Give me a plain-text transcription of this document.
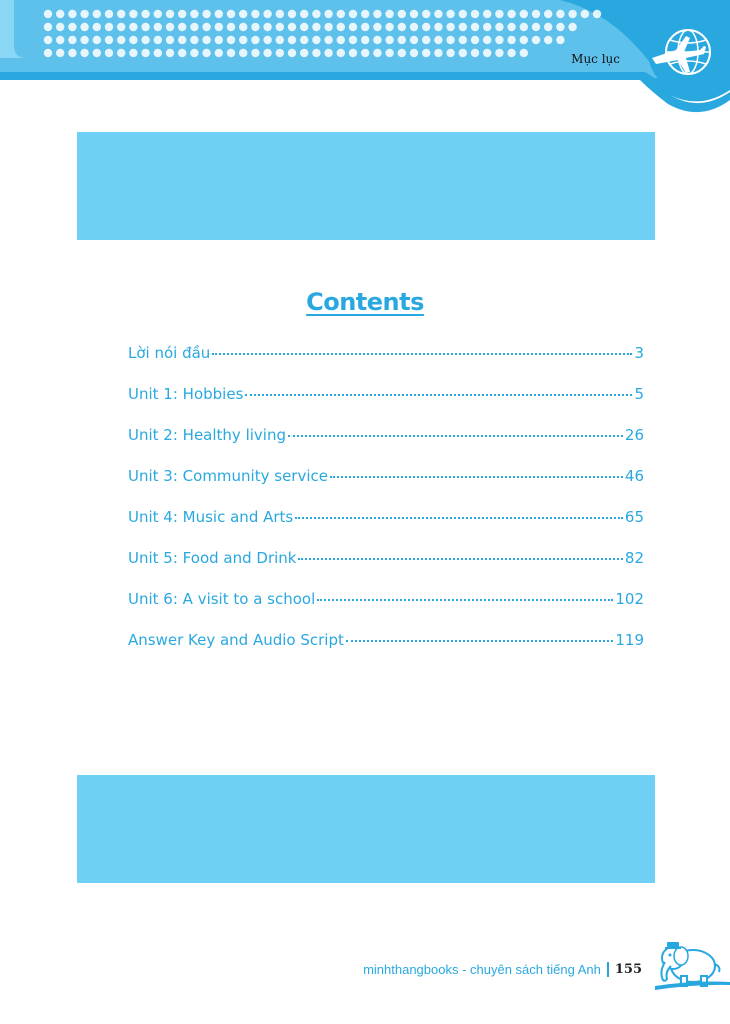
Mục lục
Contents
Lời nói đầu	3
Unit 1: Hobbies	5
Unit 2: Healthy living	26
Unit 3: Community service	46
Unit 4: Music and Arts	65
Unit 5: Food and Drink	82
Unit 6: A visit to a school	102
Answer Key and Audio Script	119
minhthangbooks - chuyên sách tiếng Anh 155
